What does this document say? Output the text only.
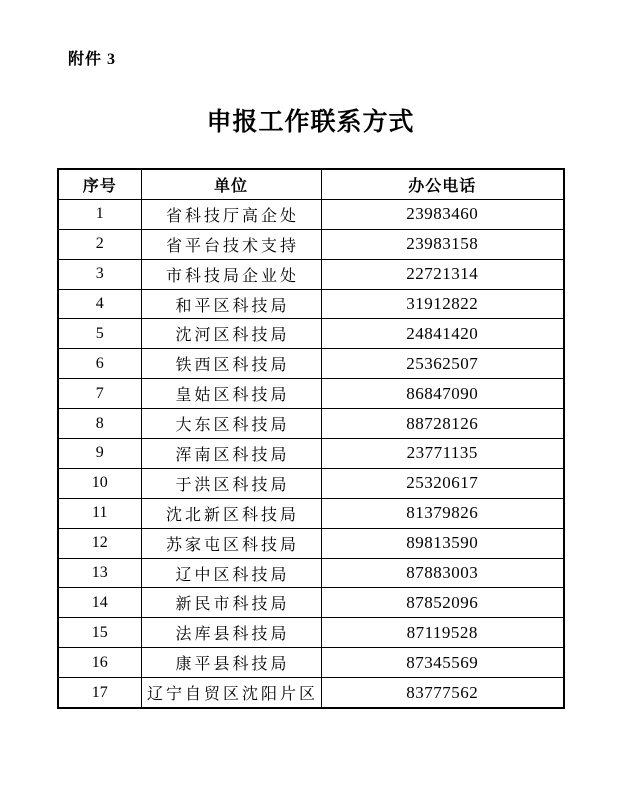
附件 3
申报工作联系方式
序号	单位	办公电话
1	省科技厅高企处	23983460
2	省平台技术支持	23983158
3	市科技局企业处	22721314
4	和平区科技局	31912822
5	沈河区科技局	24841420
6	铁西区科技局	25362507
7	皇姑区科技局	86847090
8	大东区科技局	88728126
9	浑南区科技局	23771135
10	于洪区科技局	25320617
11	沈北新区科技局	81379826
12	苏家屯区科技局	89813590
13	辽中区科技局	87883003
14	新民市科技局	87852096
15	法库县科技局	87119528
16	康平县科技局	87345569
17	辽宁自贸区沈阳片区	83777562
